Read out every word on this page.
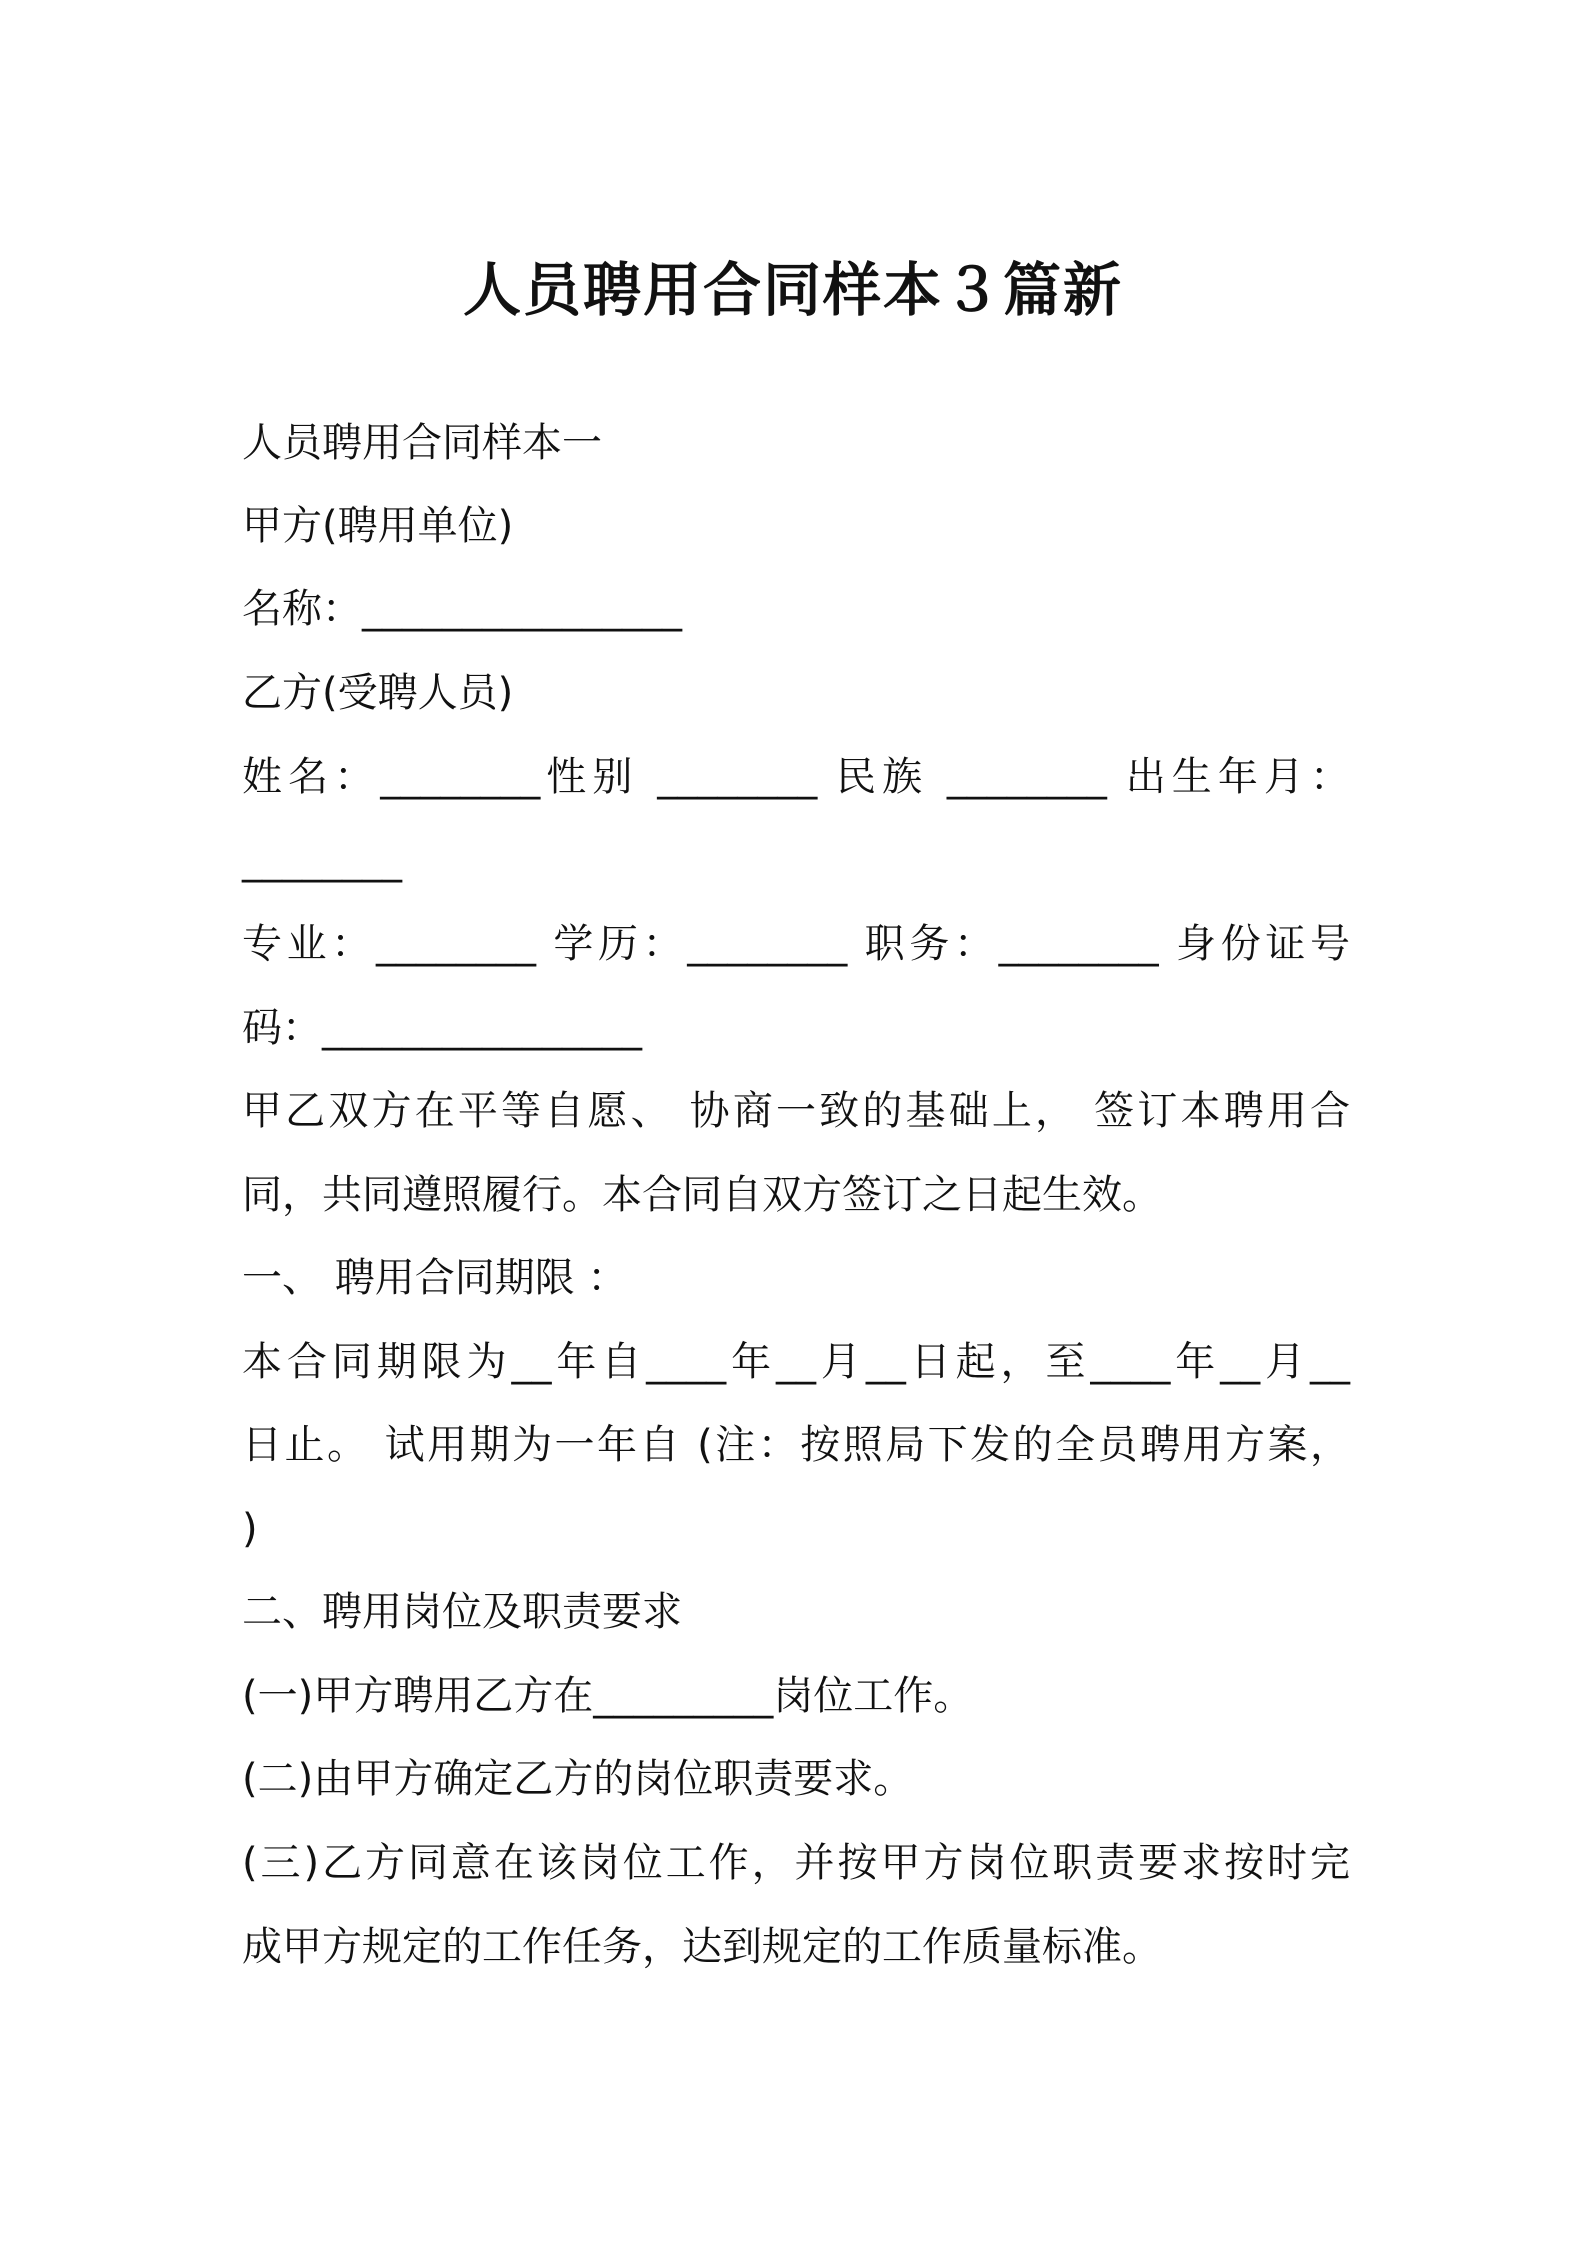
人员聘用合同样本３篇新
人员聘用合同样本一
甲方(聘用单位)
名称：________________
乙方(受聘人员)
姓名：________性别 ________ 民族 ________ 出生年月：
________
专业：________ 学历：________ 职务：________ 身份证号
码：________________
甲乙双方在平等自愿、 协商一致的基础上， 签订本聘用合
同，共同遵照履行。本合同自双方签订之日起生效。
一、 聘用合同期限 ：
本合同期限为__年自____年__月__日起，至____年__月__
日止。 试用期为一年自 (注：按照局下发的全员聘用方案，
)
二、聘用岗位及职责要求
(一)甲方聘用乙方在_________岗位工作。
(二)由甲方确定乙方的岗位职责要求。
(三)乙方同意在该岗位工作，并按甲方岗位职责要求按时完
成甲方规定的工作任务，达到规定的工作质量标准。
